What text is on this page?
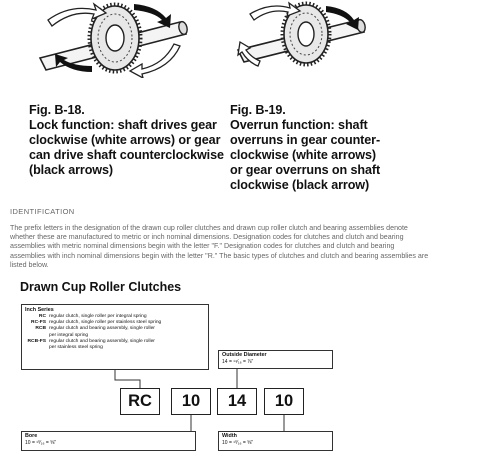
Fig. B-18.
Lock function: shaft drives gear
clockwise (white arrows) or gear
can drive shaft counterclockwise
(black arrows)
Fig. B-19.
Overrun function: shaft
overruns in gear counter-
clockwise (white arrows)
or gear overruns on shaft
clockwise (black arrow)
IDENTIFICATION
The prefix letters in the designation of the drawn cup roller clutches and drawn cup roller clutch and bearing assemblies denote
whether these are manufactured to metric or inch nominal dimensions. Designation codes for clutches and clutch and bearing
assemblies with metric nominal dimensions begin with the letter "F." Designation codes for clutches and clutch and bearing
assemblies with inch nominal dimensions begin with the letter "R." The basic types of clutches and clutch and bearing assemblies are
listed below.
Drawn Cup Roller Clutches
Inch Series
RC regular clutch, single roller per integral spring
RC-FS regular clutch, single roller per stainless steel spring
RCB regular clutch and bearing assembly, single roller
per integral spring
RCB-FS regular clutch and bearing assembly, single roller
per stainless steel spring
Outside Diameter
14 = ¹⁴⁄₁₆ = ⅞"
RC	10	14	10
Bore
10 = ¹⁰⁄₁₆ = ⅝"
Width
10 = ¹⁰⁄₁₆ = ⅝"
